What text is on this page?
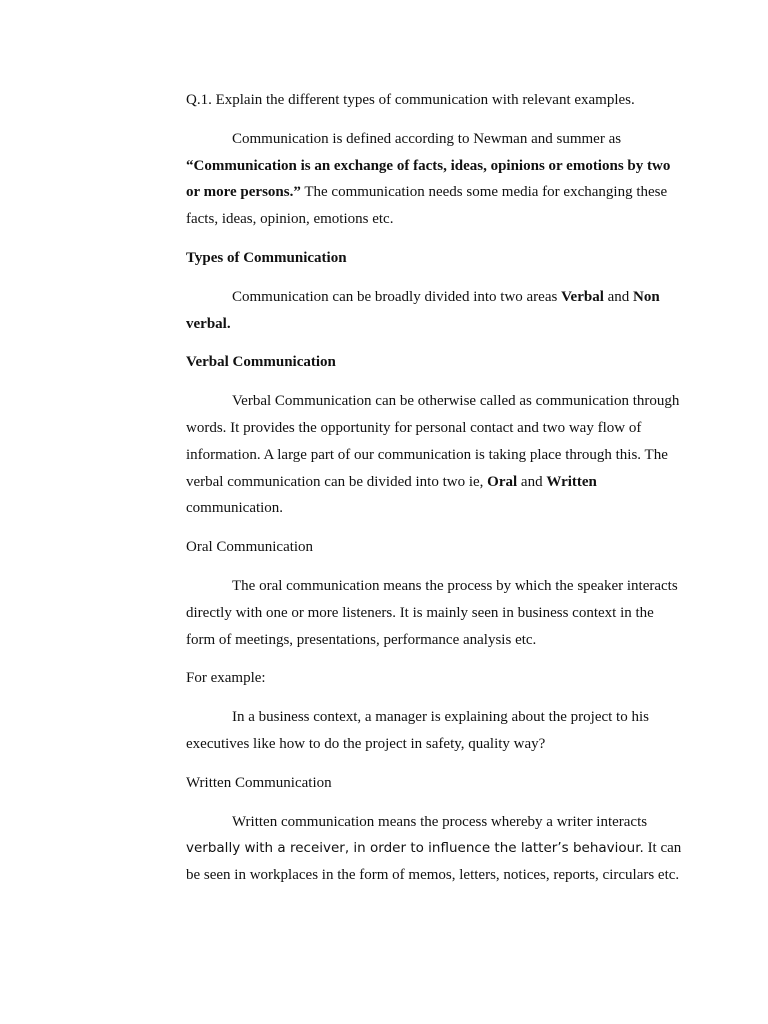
Q.1. Explain the different types of communication with relevant examples.

Communication is defined according to Newman and summer as “Communication is an exchange of facts, ideas, opinions or emotions by two or more persons.” The communication needs some media for exchanging these facts, ideas, opinion, emotions etc.

Types of Communication

Communication can be broadly divided into two areas Verbal and Non verbal.

Verbal Communication

Verbal Communication can be otherwise called as communication through words. It provides the opportunity for personal contact and two way flow of information. A large part of our communication is taking place through this. The verbal communication can be divided into two ie, Oral and Written communication.

Oral Communication

The oral communication means the process by which the speaker interacts directly with one or more listeners. It is mainly seen in business context in the form of meetings, presentations, performance analysis etc.

For example:

In a business context, a manager is explaining about the project to his executives like how to do the project in safety, quality way?

Written Communication

Written communication means the process whereby a writer interacts verbally with a receiver, in order to influence the latter’s behaviour. It can be seen in workplaces in the form of memos, letters, notices, reports, circulars etc.
